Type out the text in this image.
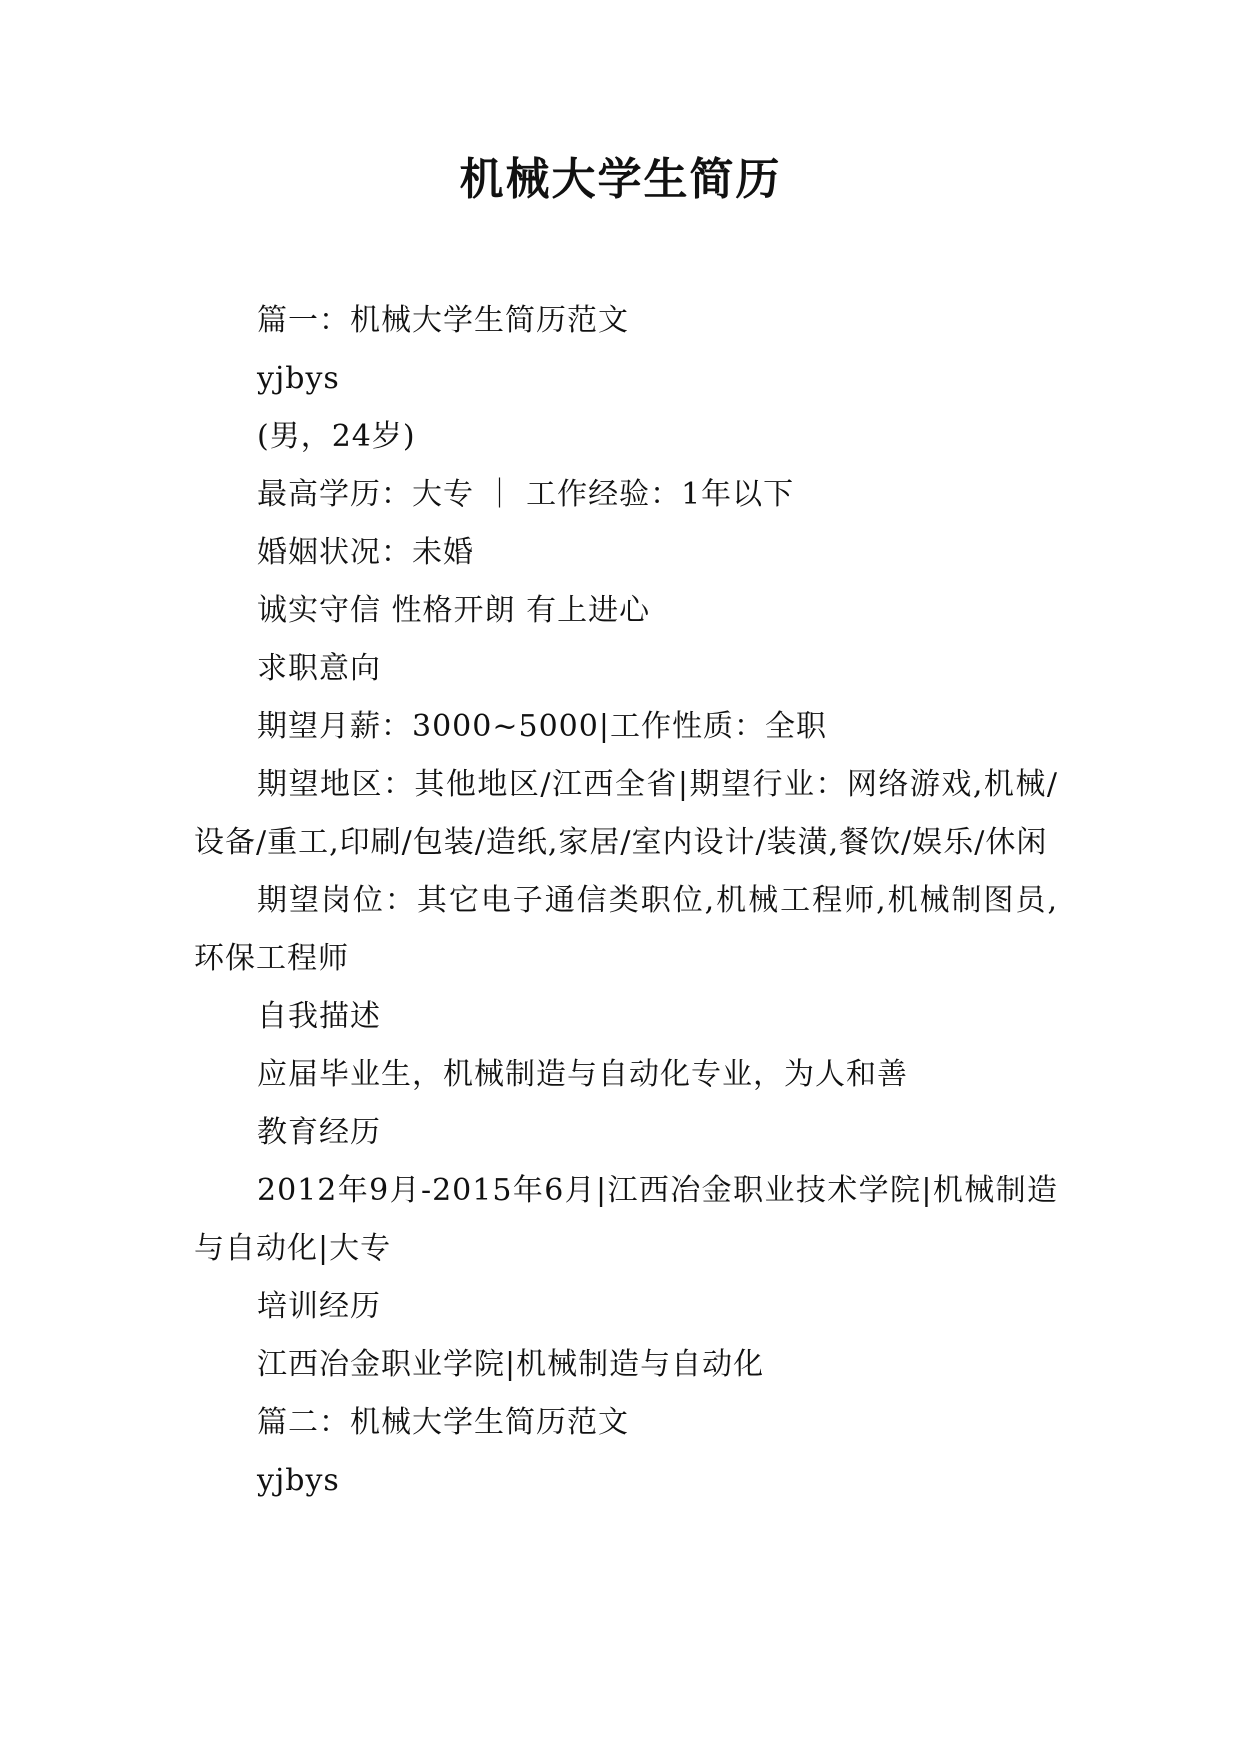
机械大学生简历

篇一：机械大学生简历范文

yjbys

(男，24岁)

最高学历：大专 ｜ 工作经验：1年以下

婚姻状况：未婚

诚实守信 性格开朗 有上进心

求职意向

期望月薪：3000~5000|工作性质：全职

期望地区：其他地区/江西全省|期望行业：网络游戏,机械/设备/重工,印刷/包装/造纸,家居/室内设计/装潢,餐饮/娱乐/休闲

期望岗位：其它电子通信类职位,机械工程师,机械制图员,环保工程师

自我描述

应届毕业生，机械制造与自动化专业，为人和善

教育经历

2012年9月-2015年6月|江西冶金职业技术学院|机械制造与自动化|大专

培训经历

江西冶金职业学院|机械制造与自动化

篇二：机械大学生简历范文

yjbys
